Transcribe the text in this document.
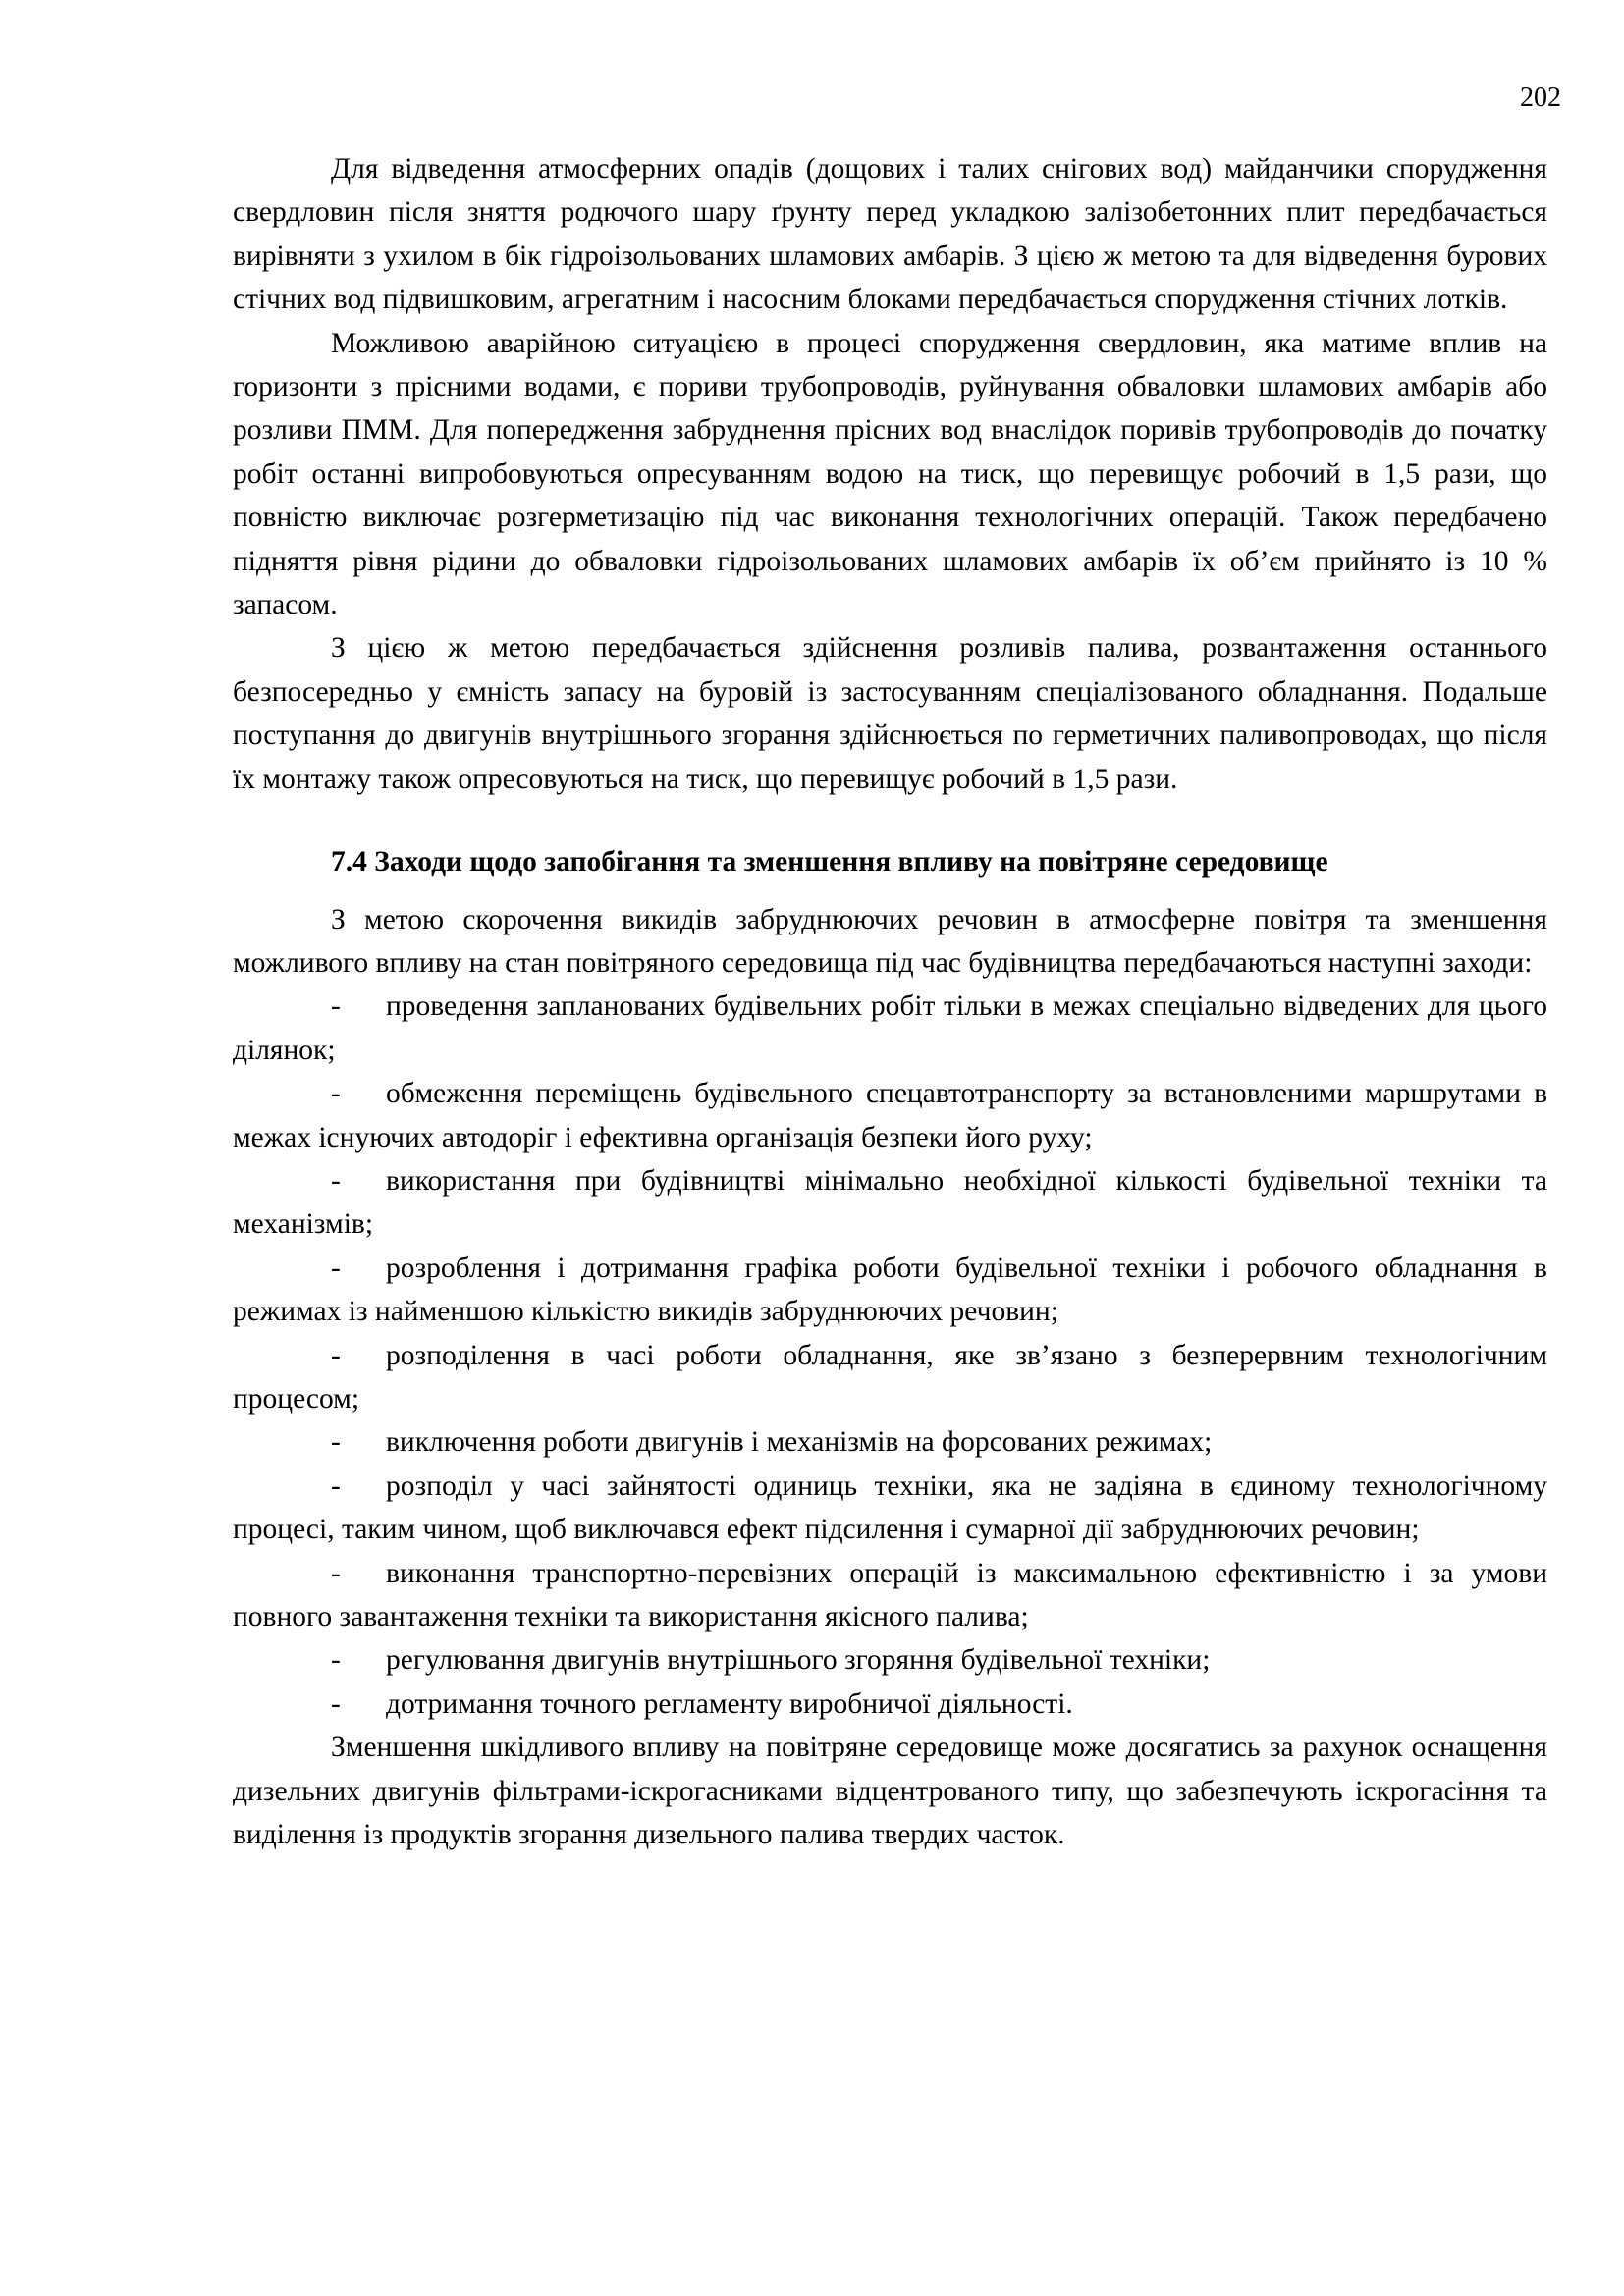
202

Для відведення атмосферних опадів (дощових і талих снігових вод) майданчики спорудження свердловин після зняття родючого шару ґрунту перед укладкою залізобетонних плит передбачається вирівняти з ухилом в бік гідроізольованих шламових амбарів. З цією ж метою та для відведення бурових стічних вод підвишковим, агрегатним і насосним блоками передбачається спорудження стічних лотків.

Можливою аварійною ситуацією в процесі спорудження свердловин, яка матиме вплив на горизонти з прісними водами, є пориви трубопроводів, руйнування обваловки шламових амбарів або розливи ПММ. Для попередження забруднення прісних вод внаслідок поривів трубопроводів до початку робіт останні випробовуються опресуванням водою на тиск, що перевищує робочий в 1,5 рази, що повністю виключає розгерметизацію під час виконання технологічних операцій. Також передбачено підняття рівня рідини до обваловки гідроізольованих шламових амбарів їх об’єм прийнято із 10 % запасом.

З цією ж метою передбачається здійснення розливів палива, розвантаження останнього безпосередньо у ємність запасу на буровій із застосуванням спеціалізованого обладнання. Подальше поступання до двигунів внутрішнього згорання здійснюється по герметичних паливопроводах, що після їх монтажу також опресовуються на тиск, що перевищує робочий в 1,5 рази.

7.4 Заходи щодо запобігання та зменшення впливу на повітряне середовище

З метою скорочення викидів забруднюючих речовин в атмосферне повітря та зменшення можливого впливу на стан повітряного середовища під час будівництва передбачаються наступні заходи:

- проведення запланованих будівельних робіт тільки в межах спеціально відведених для цього ділянок;

- обмеження переміщень будівельного спецавтотранспорту за встановленими маршрутами в межах існуючих автодоріг і ефективна організація безпеки його руху;

- використання при будівництві мінімально необхідної кількості будівельної техніки та механізмів;

- розроблення і дотримання графіка роботи будівельної техніки і робочого обладнання в режимах із найменшою кількістю викидів забруднюючих речовин;

- розподілення в часі роботи обладнання, яке зв’язано з безперервним технологічним процесом;

- виключення роботи двигунів і механізмів на форсованих режимах;

- розподіл у часі зайнятості одиниць техніки, яка не задіяна в єдиному технологічному процесі, таким чином, щоб виключався ефект підсилення і сумарної дії забруднюючих речовин;

- виконання транспортно-перевізних операцій із максимальною ефективністю і за умови повного завантаження техніки та використання якісного палива;

- регулювання двигунів внутрішнього згоряння будівельної техніки;

- дотримання точного регламенту виробничої діяльності.

Зменшення шкідливого впливу на повітряне середовище може досягатись за рахунок оснащення дизельних двигунів фільтрами-іскрогасниками відцентрованого типу, що забезпечують іскрогасіння та виділення із продуктів згорання дизельного палива твердих часток.
